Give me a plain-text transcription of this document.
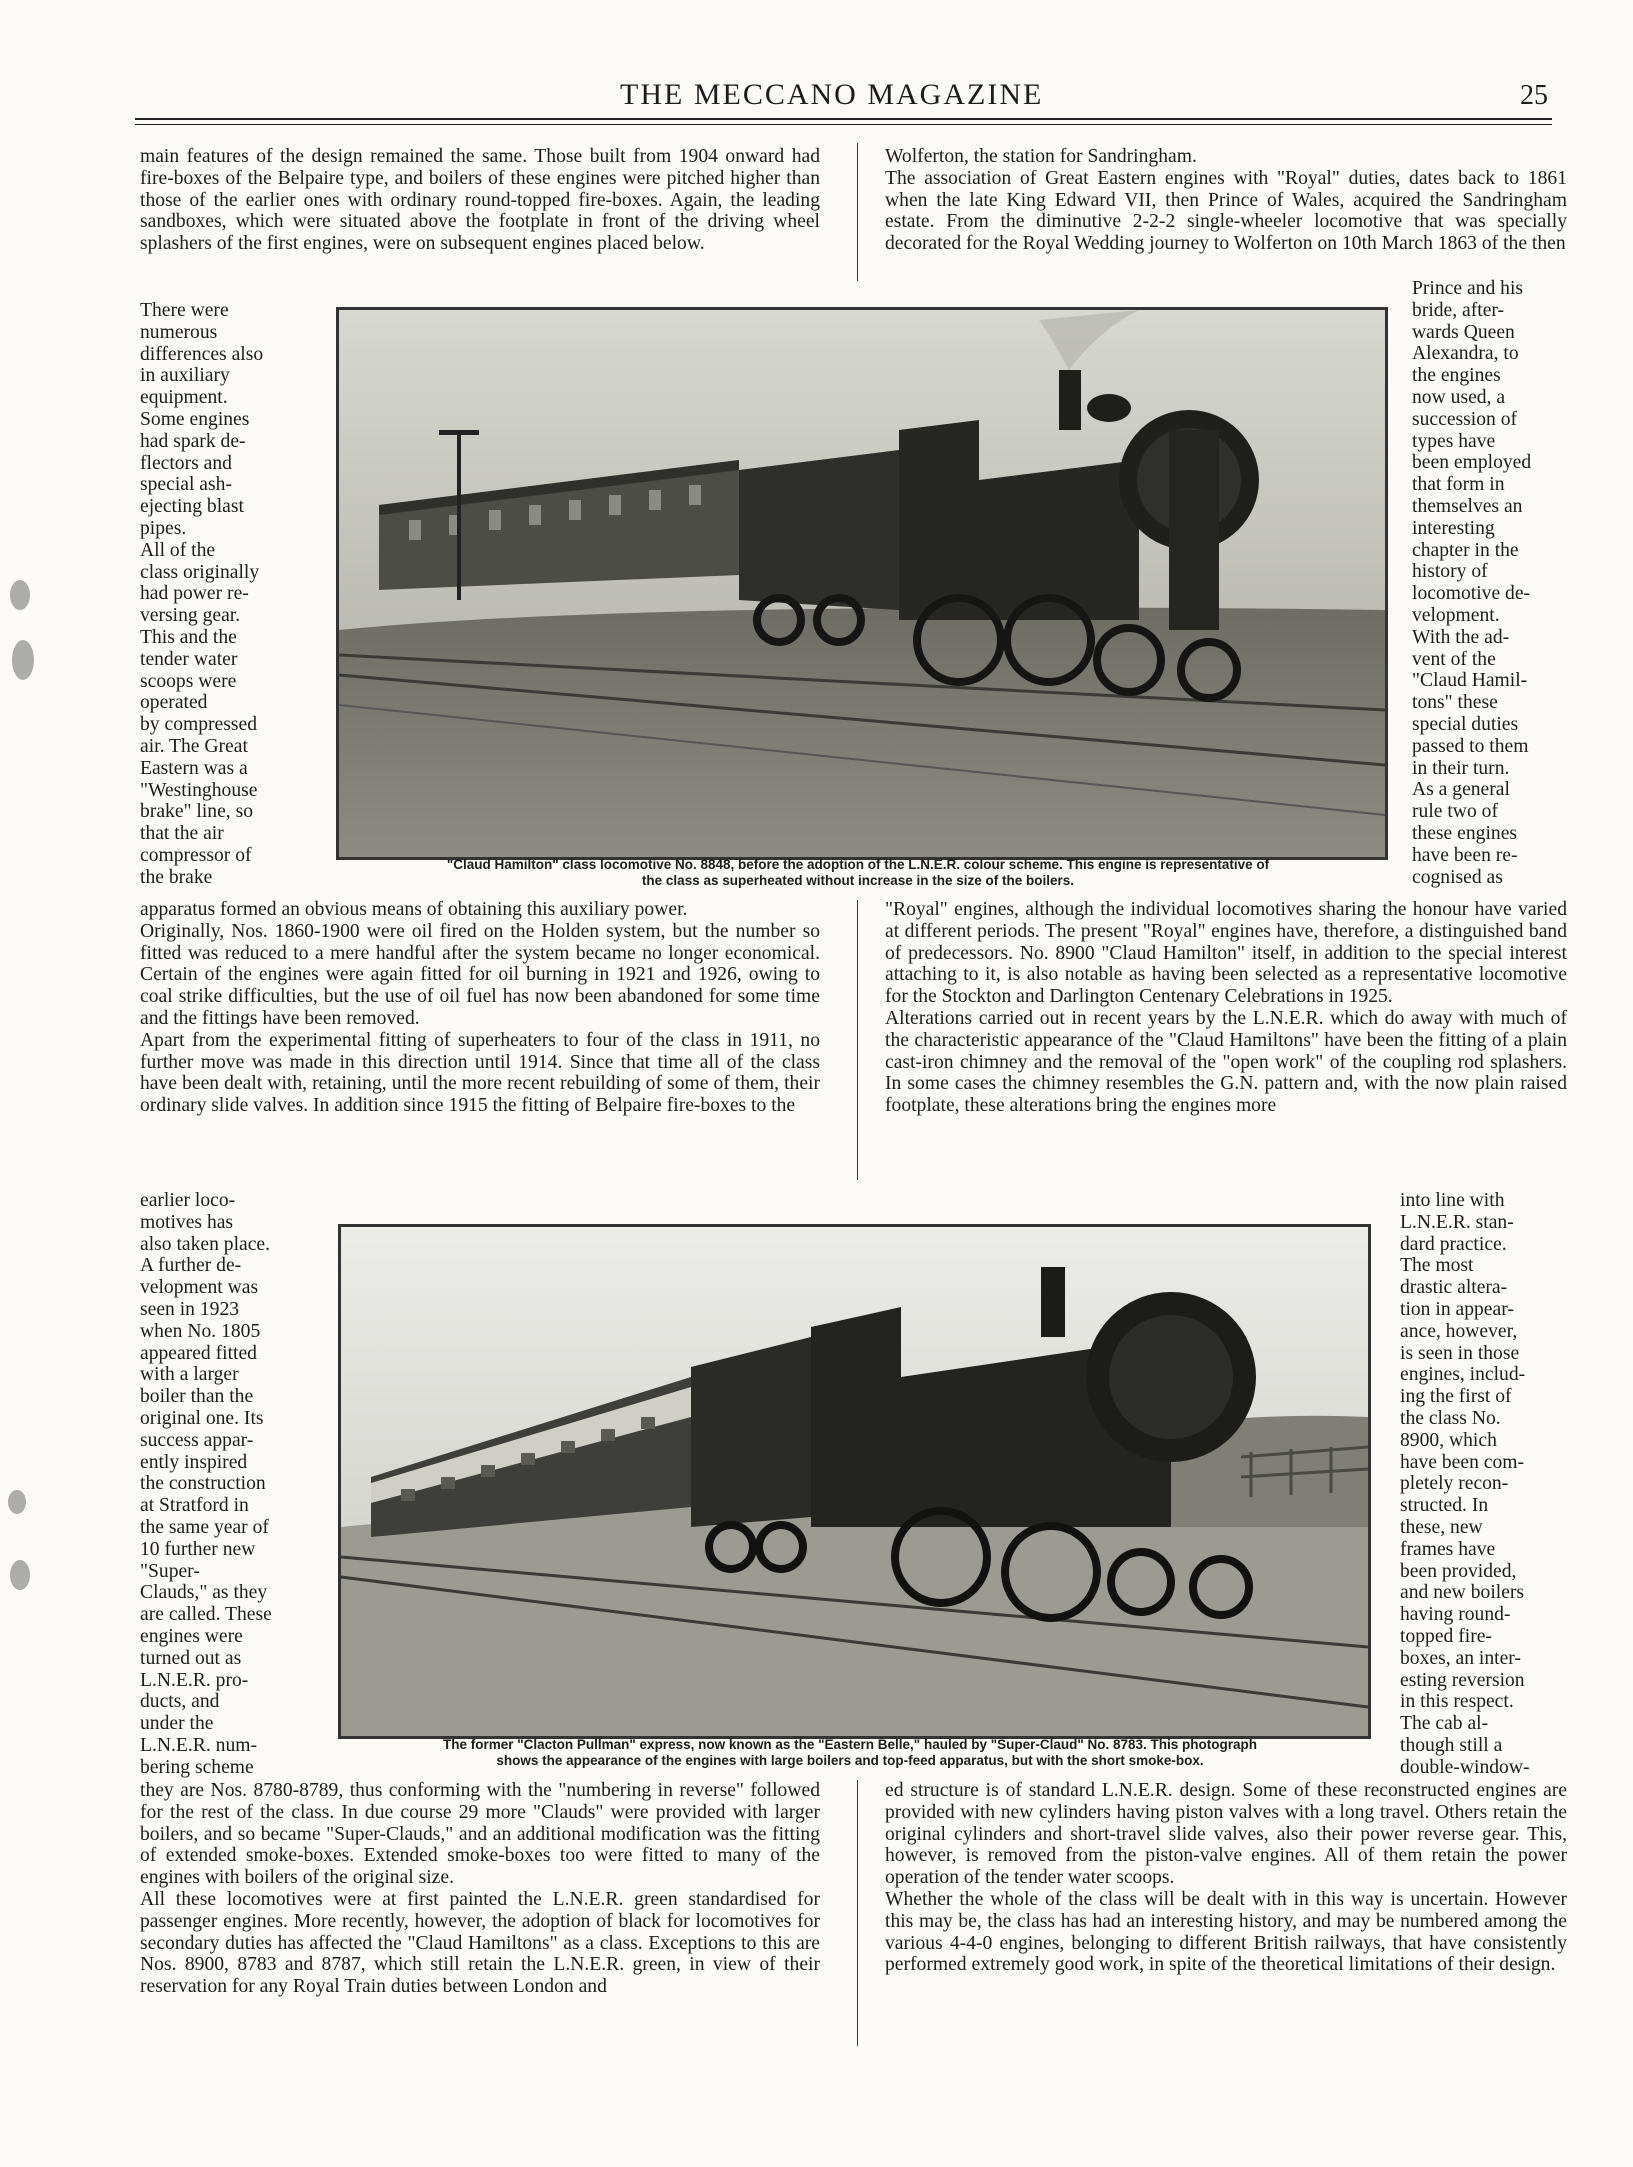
THE MECCANO MAGAZINE	25

main features of the design remained the same. Those built from 1904 onward had fire-boxes of the Belpaire type, and boilers of these engines were pitched higher than those of the earlier ones with ordinary round-topped fire-boxes. Again, the leading sandboxes, which were situated above the footplate in front of the driving wheel splashers of the first engines, were on subsequent engines placed below.

There were
numerous
differences also
in auxiliary
equipment.
Some engines
had spark de-
flectors and
special ash-
ejecting blast
pipes.
All of the
class originally
had power re-
versing gear.
This and the
tender water
scoops were
operated
by compressed
air. The Great
Eastern was a
"Westinghouse
brake" line, so
that the air
compressor of
the brake

apparatus formed an obvious means of obtaining this auxiliary power.
Originally, Nos. 1860-1900 were oil fired on the Holden system, but the number so fitted was reduced to a mere handful after the system became no longer economical. Certain of the engines were again fitted for oil burning in 1921 and 1926, owing to coal strike difficulties, but the use of oil fuel has now been abandoned for some time and the fittings have been removed.
Apart from the experimental fitting of superheaters to four of the class in 1911, no further move was made in this direction until 1914. Since that time all of the class have been dealt with, retaining, until the more recent rebuilding of some of them, their ordinary slide valves. In addition since 1915 the fitting of Belpaire fire-boxes to the

earlier loco-
motives has
also taken place.
A further de-
velopment was
seen in 1923
when No. 1805
appeared fitted
with a larger
boiler than the
original one. Its
success appar-
ently inspired
the construction
at Stratford in
the same year of
10 further new
"Super-
Clauds," as they
are called. These
engines were
turned out as
L.N.E.R. pro-
ducts, and
under the
L.N.E.R. num-
bering scheme

they are Nos. 8780-8789, thus conforming with the "numbering in reverse" followed for the rest of the class. In due course 29 more "Clauds" were provided with larger boilers, and so became "Super-Clauds," and an additional modification was the fitting of extended smoke-boxes. Extended smoke-boxes too were fitted to many of the engines with boilers of the original size.
All these locomotives were at first painted the L.N.E.R. green standardised for passenger engines. More recently, however, the adoption of black for locomotives for secondary duties has affected the "Claud Hamiltons" as a class. Exceptions to this are Nos. 8900, 8783 and 8787, which still retain the L.N.E.R. green, in view of their reservation for any Royal Train duties between London and

Wolferton, the station for Sandringham.
The association of Great Eastern engines with "Royal" duties, dates back to 1861 when the late King Edward VII, then Prince of Wales, acquired the Sandringham estate. From the diminutive 2-2-2 single-wheeler locomotive that was specially decorated for the Royal Wedding journey to Wolferton on 10th March 1863 of the then

Prince and his
bride, after-
wards Queen
Alexandra, to
the engines
now used, a
succession of
types have
been employed
that form in
themselves an
interesting
chapter in the
history of
locomotive de-
velopment.
With the ad-
vent of the
"Claud Hamil-
tons" these
special duties
passed to them
in their turn.
As a general
rule two of
these engines
have been re-
cognised as

"Royal" engines, although the individual locomotives sharing the honour have varied at different periods. The present "Royal" engines have, therefore, a distinguished band of predecessors. No. 8900 "Claud Hamilton" itself, in addition to the special interest attaching to it, is also notable as having been selected as a representative locomotive for the Stockton and Darlington Centenary Celebrations in 1925.
Alterations carried out in recent years by the L.N.E.R. which do away with much of the characteristic appearance of the "Claud Hamiltons" have been the fitting of a plain cast-iron chimney and the removal of the "open work" of the coupling rod splashers. In some cases the chimney resembles the G.N. pattern and, with the now plain raised footplate, these alterations bring the engines more

into line with
L.N.E.R. stan-
dard practice.
The most
drastic altera-
tion in appear-
ance, however,
is seen in those
engines, includ-
ing the first of
the class No.
8900, which
have been com-
pletely recon-
structed. In
these, new
frames have
been provided,
and new boilers
having round-
topped fire-
boxes, an inter-
esting reversion
in this respect.
The cab al-
though still a
double-window-

ed structure is of standard L.N.E.R. design. Some of these reconstructed engines are provided with new cylinders having piston valves with a long travel. Others retain the original cylinders and short-travel slide valves, also their power reverse gear. This, however, is removed from the piston-valve engines. All of them retain the power operation of the tender water scoops.
Whether the whole of the class will be dealt with in this way is uncertain. However this may be, the class has had an interesting history, and may be numbered among the various 4-4-0 engines, belonging to different British railways, that have consistently performed extremely good work, in spite of the theoretical limitations of their design.

"Claud Hamilton" class locomotive No. 8848, before the adoption of the L.N.E.R. colour scheme. This engine is representative of

the class as superheated without increase in the size of the boilers.

The former "Clacton Pullman" express, now known as the "Eastern Belle," hauled by "Super-Claud" No. 8783. This photograph

shows the appearance of the engines with large boilers and top-feed apparatus, but with the short smoke-box.
